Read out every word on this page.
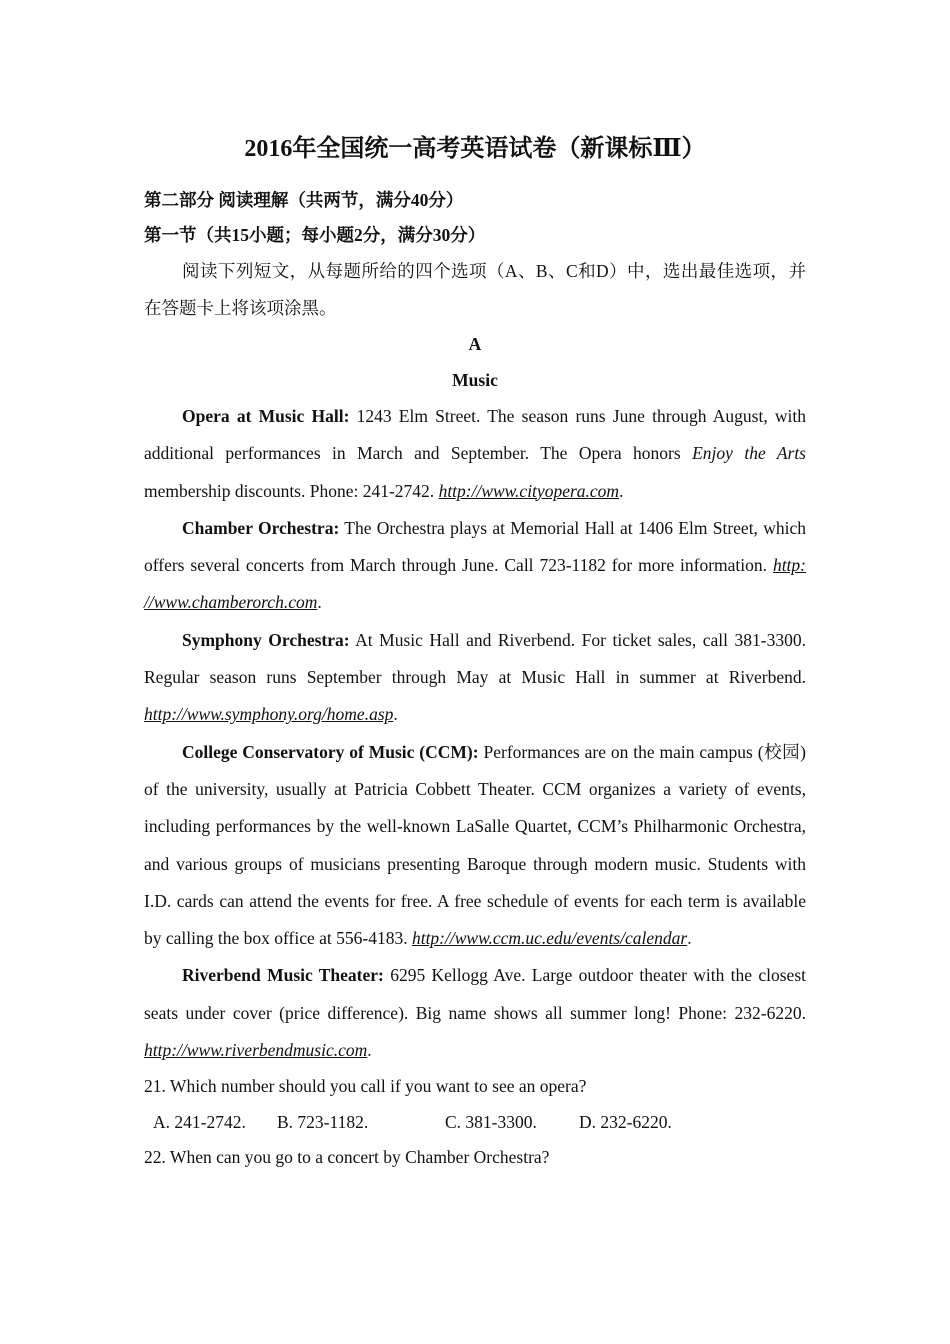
2016年全国统一高考英语试卷（新课标Ⅲ）
第二部分 阅读理解（共两节，满分40分）
第一节（共15小题；每小题2分，满分30分）

阅读下列短文，从每题所给的四个选项（A、B、C和D）中，选出最佳选项，并在答题卡上将该项涂黑。

A
Music

Opera at Music Hall: 1243 Elm Street. The season runs June through August, with additional performances in March and September. The Opera honors Enjoy the Arts membership discounts. Phone: 241-2742. http://www.cityopera.com.

Chamber Orchestra: The Orchestra plays at Memorial Hall at 1406 Elm Street, which offers several concerts from March through June. Call 723-1182 for more information. http: //www.chamberorch.com.

Symphony Orchestra: At Music Hall and Riverbend. For ticket sales, call 381-3300. Regular season runs September through May at Music Hall in summer at Riverbend. http://www.symphony.org/home.asp.

College Conservatory of Music (CCM): Performances are on the main campus (校园) of the university, usually at Patricia Cobbett Theater. CCM organizes a variety of events, including performances by the well-known LaSalle Quartet, CCM’s Philharmonic Orchestra, and various groups of musicians presenting Baroque through modern music. Students with I.D. cards can attend the events for free. A free schedule of events for each term is available by calling the box office at 556-4183. http://www.ccm.uc.edu/events/calendar.

Riverbend Music Theater: 6295 Kellogg Ave. Large outdoor theater with the closest seats under cover (price difference). Big name shows all summer long! Phone: 232-6220. http://www.riverbendmusic.com.

21. Which number should you call if you want to see an opera?

A. 241-2742.	B. 723-1182.	C. 381-3300.	D. 232-6220.

22. When can you go to a concert by Chamber Orchestra?
